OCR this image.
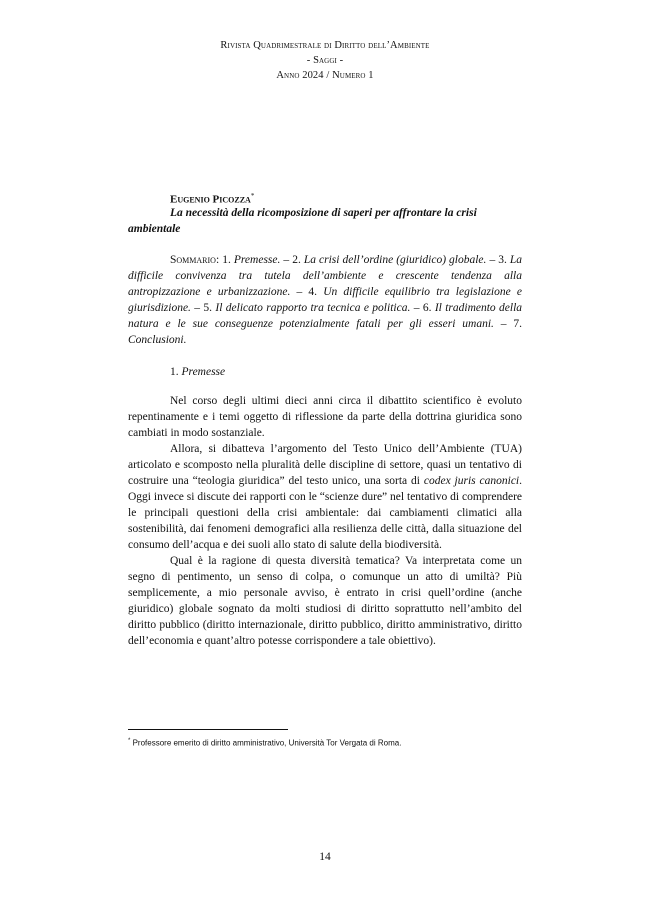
Rivista Quadrimestrale di Diritto dell’Ambiente
- Saggi -
Anno 2024 / Numero 1
Eugenio Picozza*
La necessità della ricomposizione di saperi per affrontare la crisi
ambientale
Sommario: 1. Premesse. – 2. La crisi dell’ordine (giuridico) globale. – 3. La difficile convivenza tra tutela dell’ambiente e crescente tendenza alla antropizzazione e urbanizzazione. – 4. Un difficile equilibrio tra legislazione e giurisdizione. – 5. Il delicato rapporto tra tecnica e politica. – 6. Il tradimento della natura e le sue conseguenze potenzialmente fatali per gli esseri umani. – 7. Conclusioni.
1. Premesse

Nel corso degli ultimi dieci anni circa il dibattito scientifico è evoluto repentinamente e i temi oggetto di riflessione da parte della dottrina giuridica sono cambiati in modo sostanziale.

Allora, si dibatteva l’argomento del Testo Unico dell’Ambiente (TUA) articolato e scomposto nella pluralità delle discipline di settore, quasi un tentativo di costruire una “teologia giuridica” del testo unico, una sorta di codex juris canonici. Oggi invece si discute dei rapporti con le “scienze dure” nel tentativo di comprendere le principali questioni della crisi ambientale: dai cambiamenti climatici alla sostenibilità, dai fenomeni demografici alla resilienza delle città, dalla situazione del consumo dell’acqua e dei suoli allo stato di salute della biodiversità.

Qual è la ragione di questa diversità tematica? Va interpretata come un segno di pentimento, un senso di colpa, o comunque un atto di umiltà? Più semplicemente, a mio personale avviso, è entrato in crisi quell’ordine (anche giuridico) globale sognato da molti studiosi di diritto soprattutto nell’ambito del diritto pubblico (diritto internazionale, diritto pubblico, diritto amministrativo, diritto dell’economia e quant’altro potesse corrispondere a tale obiettivo).

* Professore emerito di diritto amministrativo, Università Tor Vergata di Roma.
14
